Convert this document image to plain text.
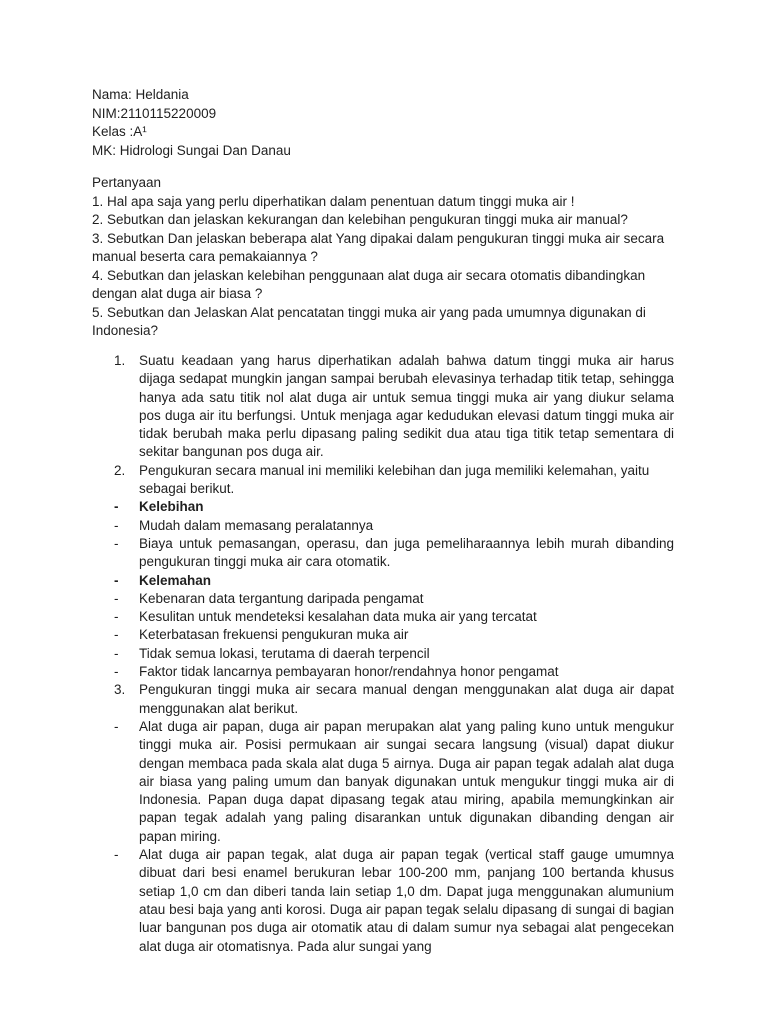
Nama: Heldania

NIM:2110115220009

Kelas :A¹

MK: Hidrologi Sungai Dan Danau

Pertanyaan

1. Hal apa saja yang perlu diperhatikan dalam penentuan datum tinggi muka air !

2. Sebutkan dan jelaskan kekurangan dan kelebihan pengukuran tinggi muka air manual?

3. Sebutkan Dan jelaskan beberapa alat Yang dipakai dalam pengukuran tinggi muka air secara manual beserta cara pemakaiannya ?

4. Sebutkan dan jelaskan kelebihan penggunaan alat duga air secara otomatis dibandingkan dengan alat duga air biasa ?

5. Sebutkan dan Jelaskan Alat pencatatan tinggi muka air yang pada umumnya digunakan di Indonesia?

1.	Suatu keadaan yang harus diperhatikan adalah bahwa datum tinggi muka air harus dijaga sedapat mungkin jangan sampai berubah elevasinya terhadap titik tetap, sehingga hanya ada satu titik nol alat duga air untuk semua tinggi muka air yang diukur selama pos duga air itu berfungsi. Untuk menjaga agar kedudukan elevasi datum tinggi muka air tidak berubah maka perlu dipasang paling sedikit dua atau tiga titik tetap sementara di sekitar bangunan pos duga air.
2.	Pengukuran secara manual ini memiliki kelebihan dan juga memiliki kelemahan, yaitu sebagai berikut.
-	Kelebihan
-	Mudah dalam memasang peralatannya
-	Biaya untuk pemasangan, operasu, dan juga pemeliharaannya lebih murah dibanding pengukuran tinggi muka air cara otomatik.
-	Kelemahan
-	Kebenaran data tergantung daripada pengamat
-	Kesulitan untuk mendeteksi kesalahan data muka air yang tercatat
-	Keterbatasan frekuensi pengukuran muka air
-	Tidak semua lokasi, terutama di daerah terpencil
-	Faktor tidak lancarnya pembayaran honor/rendahnya honor pengamat
3.	Pengukuran tinggi muka air secara manual dengan menggunakan alat duga air dapat menggunakan alat berikut.
-	Alat duga air papan, duga air papan merupakan alat yang paling kuno untuk mengukur tinggi muka air. Posisi permukaan air sungai secara langsung (visual) dapat diukur dengan membaca pada skala alat duga 5 airnya. Duga air papan tegak adalah alat duga air biasa yang paling umum dan banyak digunakan untuk mengukur tinggi muka air di Indonesia. Papan duga dapat dipasang tegak atau miring, apabila memungkinkan air papan tegak adalah yang paling disarankan untuk digunakan dibanding dengan air papan miring.
-	Alat duga air papan tegak, alat duga air papan tegak (vertical staff gauge umumnya dibuat dari besi enamel berukuran lebar 100-200 mm, panjang 100 bertanda khusus setiap 1,0 cm dan diberi tanda lain setiap 1,0 dm. Dapat juga menggunakan alumunium atau besi baja yang anti korosi. Duga air papan tegak selalu dipasang di sungai di bagian luar bangunan pos duga air otomatik atau di dalam sumur nya sebagai alat pengecekan alat duga air otomatisnya. Pada alur sungai yang
